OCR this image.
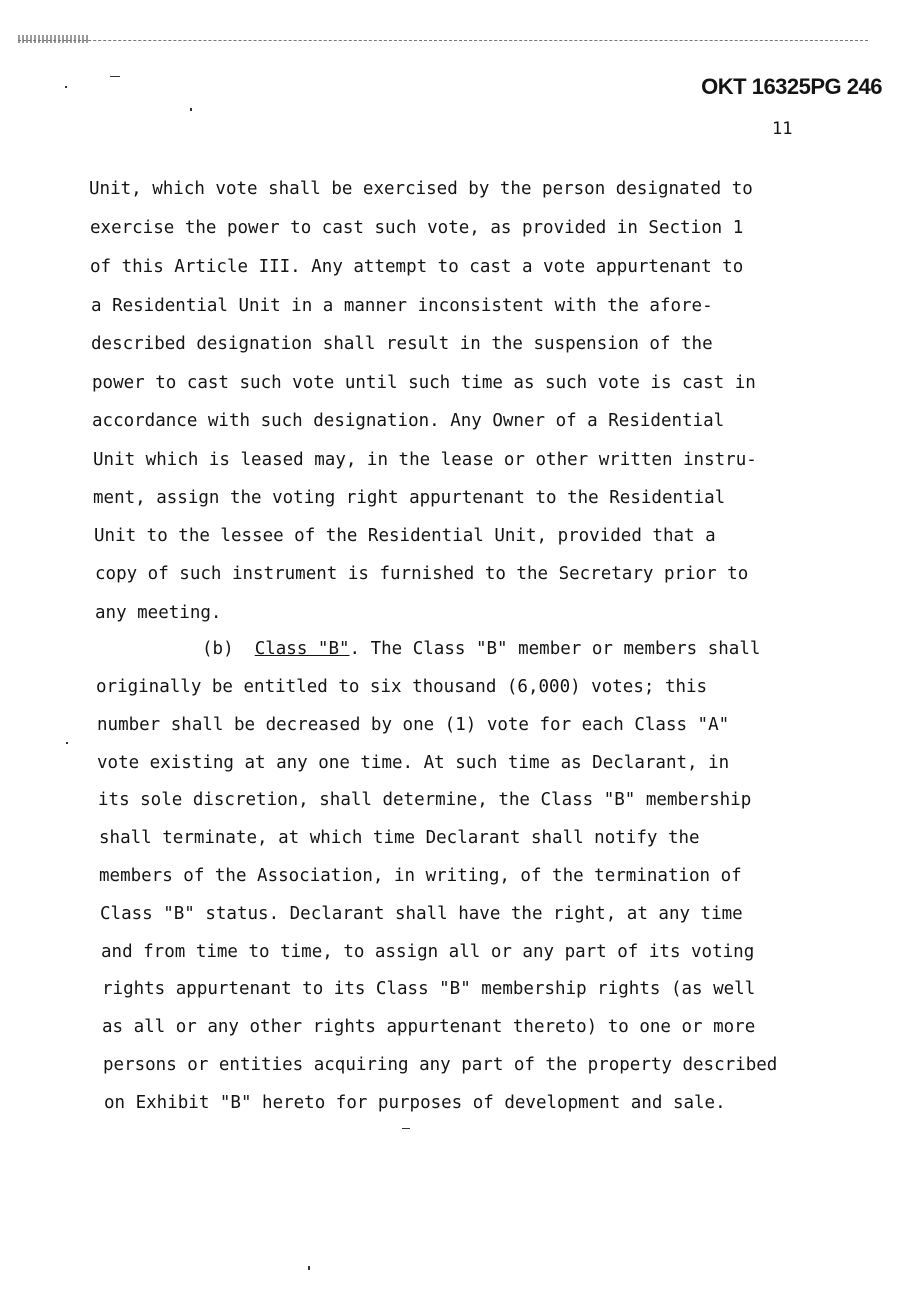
OKT 16325PG 246
11
Unit, which vote shall be exercised by the person designated to
exercise the power to cast such vote, as provided in Section 1
of this Article III. Any attempt to cast a vote appurtenant to
a Residential Unit in a manner inconsistent with the afore-
described designation shall result in the suspension of the
power to cast such vote until such time as such vote is cast in
accordance with such designation. Any Owner of a Residential
Unit which is leased may, in the lease or other written instru-
ment, assign the voting right appurtenant to the Residential
Unit to the lessee of the Residential Unit, provided that a
copy of such instrument is furnished to the Secretary prior to
any meeting.
(b) Class "B". The Class "B" member or members shall
originally be entitled to six thousand (6,000) votes; this
number shall be decreased by one (1) vote for each Class "A"
vote existing at any one time. At such time as Declarant, in
its sole discretion, shall determine, the Class "B" membership
shall terminate, at which time Declarant shall notify the
members of the Association, in writing, of the termination of
Class "B" status. Declarant shall have the right, at any time
and from time to time, to assign all or any part of its voting
rights appurtenant to its Class "B" membership rights (as well
as all or any other rights appurtenant thereto) to one or more
persons or entities acquiring any part of the property described
on Exhibit "B" hereto for purposes of development and sale.
